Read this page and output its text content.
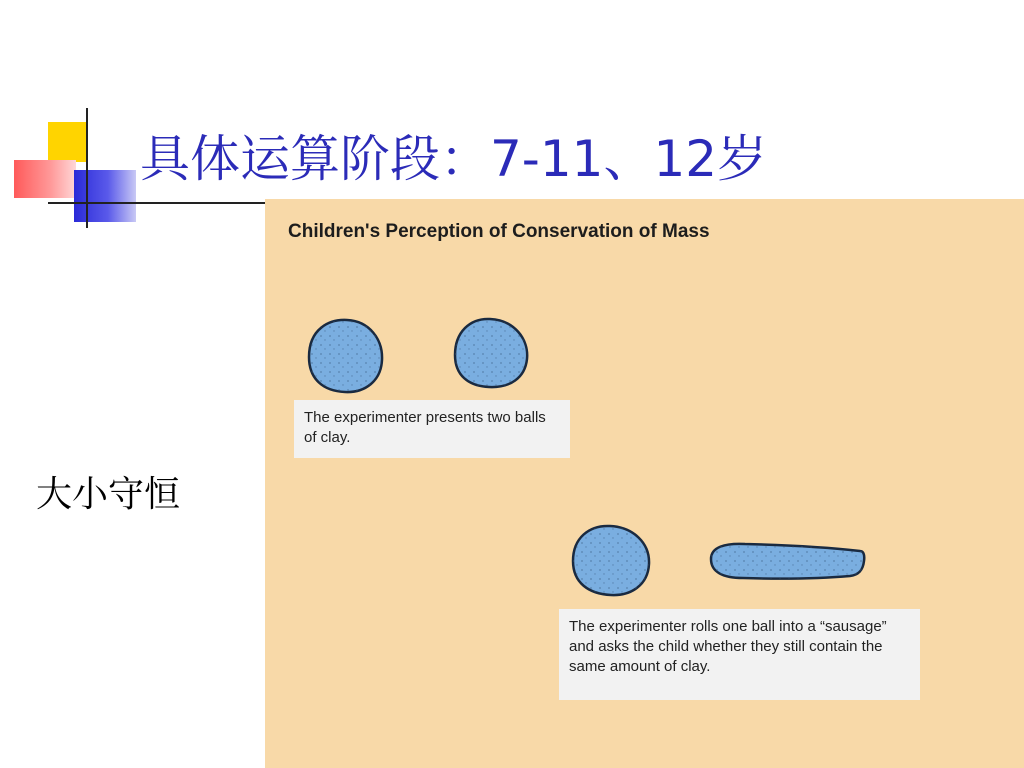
具体运算阶段：7-11、12岁
大小守恒
Children's Perception of Conservation of Mass
The experimenter presents two balls of clay.
The experimenter rolls one ball into a “sausage” and asks the child whether they still contain the same amount of clay.
